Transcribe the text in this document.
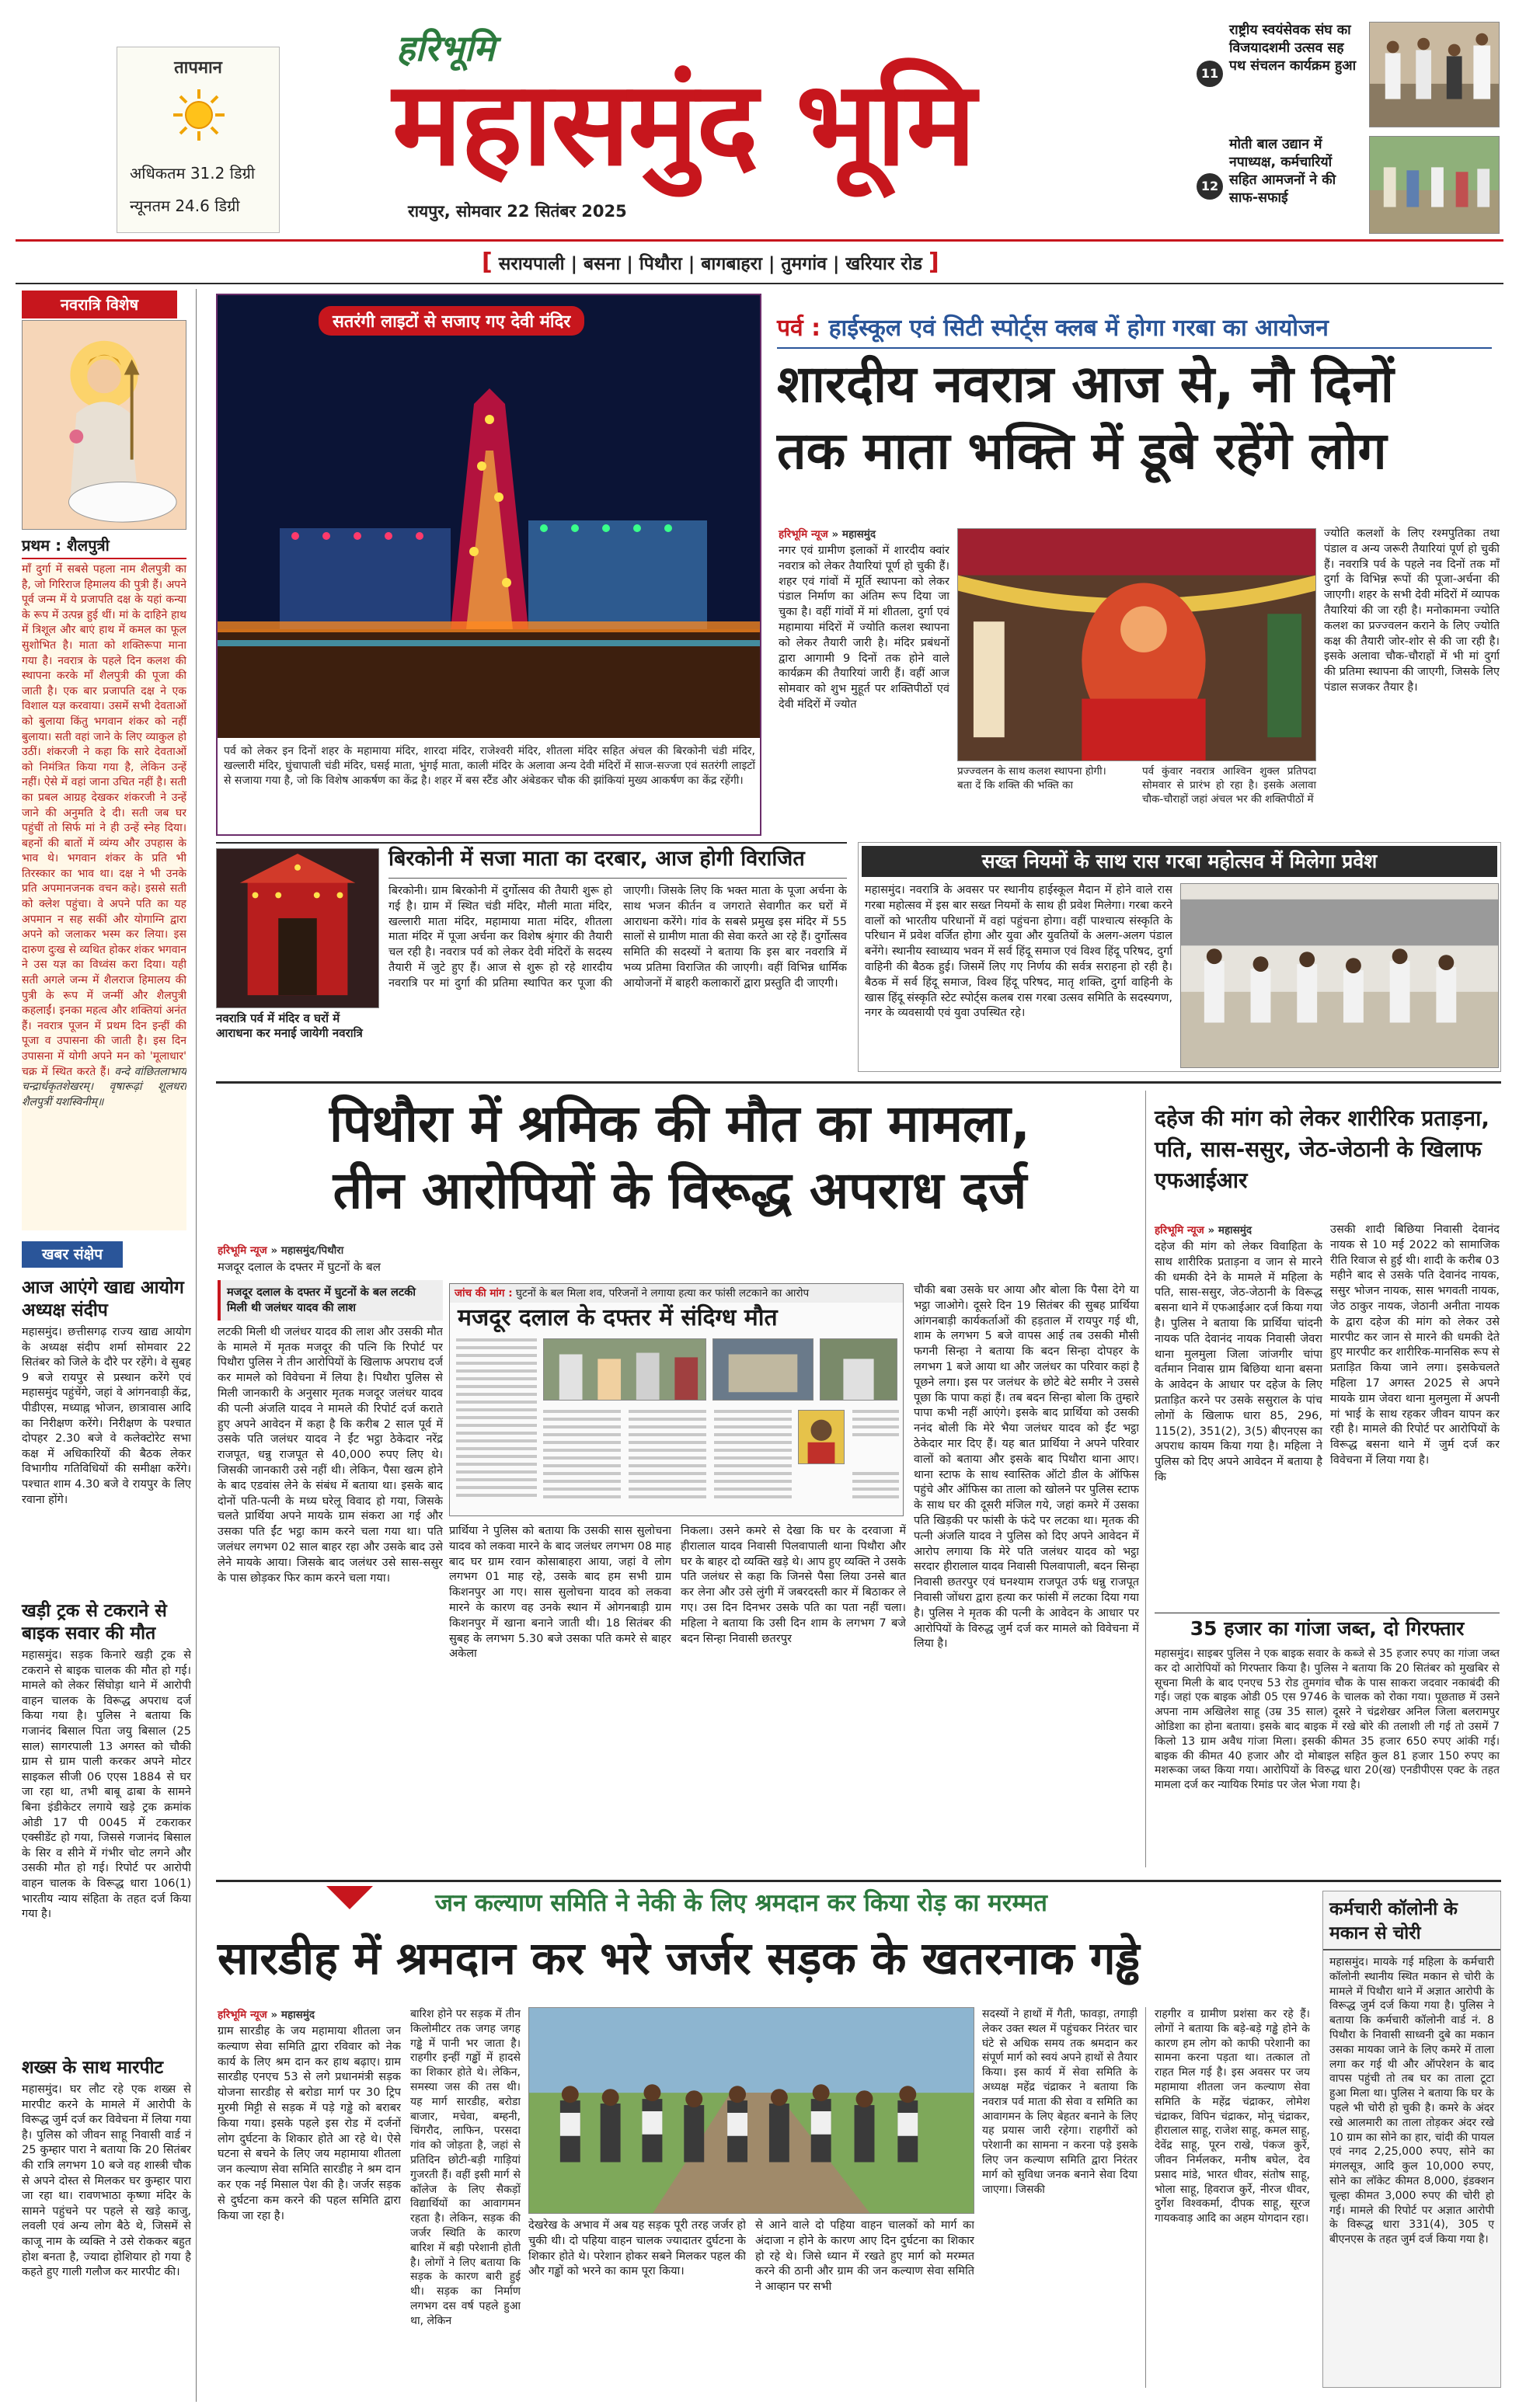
तापमान
अधिकतम 31.2 डिग्री
न्यूनतम 24.6 डिग्री
हरिभूमि
महासमुंद भूमि
रायपुर, सोमवार 22 सितंबर 2025
11
राष्ट्रीय स्वयंसेवक संघ का विजयादशमी उत्सव सह पथ संचलन कार्यक्रम हुआ
12
मोती बाल उद्यान में नपाध्यक्ष, कर्मचारियों सहित आमजनों ने की साफ-सफाई
[ सरायपाली | बसना | पिथौरा | बागबाहरा | तुमगांव | खरियार रोड ]
नवरात्रि विशेष
प्रथम : शैलपुत्री
माँ दुर्गा में सबसे पहला नाम शैलपुत्री का है, जो गिरिराज हिमालय की पुत्री हैं। अपने पूर्व जन्म में ये प्रजापति दक्ष के यहां कन्या के रूप में उत्पन्न हुई थीं। मां के दाहिने हाथ में त्रिशूल और बाएं हाथ में कमल का फूल सुशोभित है। माता को शक्तिरूपा माना गया है। नवरात्र के पहले दिन कलश की स्थापना करके माँ शैलपुत्री की पूजा की जाती है। एक बार प्रजापति दक्ष ने एक विशाल यज्ञ करवाया। उसमें सभी देवताओं को बुलाया किंतु भगवान शंकर को नहीं बुलाया। सती वहां जाने के लिए व्याकुल हो उठीं। शंकरजी ने कहा कि सारे देवताओं को निमंत्रित किया गया है, लेकिन उन्हें नहीं। ऐसे में वहां जाना उचित नहीं है। सती का प्रबल आग्रह देखकर शंकरजी ने उन्हें जाने की अनुमति दे दी। सती जब घर पहुंचीं तो सिर्फ मां ने ही उन्हें स्नेह दिया। बहनों की बातों में व्यंग्य और उपहास के भाव थे। भगवान शंकर के प्रति भी तिरस्कार का भाव था। दक्ष ने भी उनके प्रति अपमानजनक वचन कहे। इससे सती को क्लेश पहुंचा। वे अपने पति का यह अपमान न सह सकीं और योगाग्नि द्वारा अपने को जलाकर भस्म कर लिया। इस दारुण दुःख से व्यथित होकर शंकर भगवान ने उस यज्ञ का विध्वंस करा दिया। यही सती अगले जन्म में शैलराज हिमालय की पुत्री के रूप में जन्मीं और शैलपुत्री कहलाईं। इनका महत्व और शक्तियां अनंत हैं। नवरात्र पूजन में प्रथम दिन इन्हीं की पूजा व उपासना की जाती है। इस दिन उपासना में योगी अपने मन को 'मूलाधार' चक्र में स्थित करते हैं। वन्दे वांछितलाभाय चन्द्रार्धकृतशेखरम्। वृषारूढ़ां शूलधरां शैलपुत्रीं यशस्विनीम्॥
खबर संक्षेप
आज आएंगे खाद्य आयोग अध्यक्ष संदीप
महासमुंद। छत्तीसगढ़ राज्य खाद्य आयोग के अध्यक्ष संदीप शर्मा सोमवार 22 सितंबर को जिले के दौरे पर रहेंगे। वे सुबह 9 बजे रायपुर से प्रस्थान करेंगे एवं महासमुंद पहुंचेंगे, जहां वे आंगनवाड़ी केंद्र, पीडीएस, मध्याह्न भोजन, छात्रावास आदि का निरीक्षण करेंगे। निरीक्षण के पश्चात दोपहर 2.30 बजे वे कलेक्टोरेट सभा कक्ष में अधिकारियों की बैठक लेकर विभागीय गतिविधियों की समीक्षा करेंगे। पश्चात शाम 4.30 बजे वे रायपुर के लिए रवाना होंगे।
खड़ी ट्रक से टकराने से बाइक सवार की मौत
महासमुंद। सड़क किनारे खड़ी ट्रक से टकराने से बाइक चालक की मौत हो गई। मामले को लेकर सिंघोड़ा थाने में आरोपी वाहन चालक के विरूद्ध अपराध दर्ज किया गया है। पुलिस ने बताया कि गजानंद बिसाल पिता जयु बिसाल (25 साल) सागरपाली 13 अगस्त को चौकी ग्राम से ग्राम पाली करकर अपने मोटर साइकल सीजी 06 एएस 1884 से घर जा रहा था, तभी बाबू ढाबा के सामने बिना इंडीकेटर लगाये खड़े ट्रक क्रमांक ओडी 17 पी 0045 में टकराकर एक्सीडेंट हो गया, जिससे गजानंद बिसाल के सिर व सीने में गंभीर चोट लगने और उसकी मौत हो गई। रिपोर्ट पर आरोपी वाहन चालक के विरूद्ध धारा 106(1) भारतीय न्याय संहिता के तहत दर्ज किया गया है।
शख्स के साथ मारपीट
महासमुंद। घर लौट रहे एक शख्स से मारपीट करने के मामले में आरोपी के विरूद्ध जुर्म दर्ज कर विवेचना में लिया गया है। पुलिस को जीवन साहू निवासी वार्ड नं 25 कुम्हार पारा ने बताया कि 20 सितंबर की रात्रि लगभग 10 बजे वह शास्त्री चौक से अपने दोस्त से मिलकर घर कुम्हार पारा जा रहा था। रावणभाठा कृष्णा मंदिर के सामने पहुंचने पर पहले से खड़े काजु, लवली एवं अन्य लोग बैठे थे, जिसमें से काजू नाम के व्यक्ति ने उसे रोककर बहुत होश बनता है, ज्यादा होशियार हो गया है कहते हुए गाली गलौज कर मारपीट की।
सतरंगी लाइटों से सजाए गए देवी मंदिर
पर्व को लेकर इन दिनों शहर के महामाया मंदिर, शारदा मंदिर, राजेश्वरी मंदिर, शीतला मंदिर सहित अंचल की बिरकोनी चंडी मंदिर, खल्लारी मंदिर, घुंचापाली चंडी मंदिर, घसई माता, भुंगई माता, काली मंदिर के अलावा अन्य देवी मंदिरों में साज-सज्जा एवं सतरंगी लाइटों से सजाया गया है, जो कि विशेष आकर्षण का केंद्र है। शहर में बस स्टैंड और अंबेडकर चौक की झांकियां मुख्य आकर्षण का केंद्र रहेंगी।
पर्व : हाईस्कूल एवं सिटी स्पोर्ट्स क्लब में होगा गरबा का आयोजन
शारदीय नवरात्र आज से, नौ दिनों
तक माता भक्ति में डूबे रहेंगे लोग
हरिभूमि न्यूज » महासमुंद
नगर एवं ग्रामीण इलाकों में शारदीय क्वांर नवरात्र को लेकर तैयारियां पूर्ण हो चुकी हैं। शहर एवं गांवों में मूर्ति स्थापना को लेकर पंडाल निर्माण का अंतिम रूप दिया जा चुका है। वहीं गांवों में मां शीतला, दुर्गा एवं महामाया मंदिरों में ज्योति कलश स्थापना को लेकर तैयारी जारी है। मंदिर प्रबंधनों द्वारा आगामी 9 दिनों तक होने वाले कार्यक्रम की तैयारियां जारी हैं। वहीं आज सोमवार को शुभ मुहूर्त पर शक्तिपीठों एवं देवी मंदिरों में ज्योत
प्रज्ज्वलन के साथ कलश स्थापना होगी।
बता दें कि शक्ति की भक्ति का
पर्व कुंवार नवरात्र आश्विन शुक्ल प्रतिपदा सोमवार से प्रारंभ हो रहा है। इसके अलावा चौक-चौराहों जहां अंचल भर की शक्तिपीठों में
ज्योति कलशों के लिए रश्मपुतिका तथा पंडाल व अन्य जरूरी तैयारियां पूर्ण हो चुकी हैं। नवरात्रि पर्व के पहले नव दिनों तक माँ दुर्गा के विभिन्न रूपों की पूजा-अर्चना की जाएगी। शहर के सभी देवी मंदिरों में व्यापक तैयारियां की जा रही है। मनोकामना ज्योति कलश का प्रज्ज्वलन कराने के लिए ज्योति कक्ष की तैयारी जोर-शोर से की जा रही है। इसके अलावा चौक-चौराहों में भी मां दुर्गा की प्रतिमा स्थापना की जाएगी, जिसके लिए पंडाल सजकर तैयार है।
नवरात्रि पर्व में मंदिर व घरों में आराधना कर मनाई जायेगी नवरात्रि
बिरकोनी में सजा माता का दरबार, आज होगी विराजित
बिरकोनी। ग्राम बिरकोनी में दुर्गोत्सव की तैयारी शुरू हो गई है। ग्राम में स्थित चंडी मंदिर, मौली माता मंदिर, खल्लारी माता मंदिर, महामाया माता मंदिर, शीतला माता मंदिर में पूजा अर्चना कर विशेष श्रृंगार की तैयारी चल रही है। नवरात्र पर्व को लेकर देवी मंदिरों के सदस्य तैयारी में जुटे हुए हैं। आज से शुरू हो रहे शारदीय नवरात्रि पर मां दुर्गा की प्रतिमा स्थापित कर पूजा की जाएगी। जिसके लिए कि भक्त माता के पूजा अर्चना के साथ भजन कीर्तन व जगराते सेवागीत कर घरों में आराधना करेंगे। गांव के सबसे प्रमुख इस मंदिर में 55 सालों से ग्रामीण माता की सेवा करते आ रहे हैं। दुर्गोत्सव समिति की सदस्यों ने बताया कि इस बार नवरात्रि में भव्य प्रतिमा विराजित की जाएगी। वहीं विभिन्न धार्मिक आयोजनों में बाहरी कलाकारों द्वारा प्रस्तुति दी जाएगी।
सख्त नियमों के साथ रास गरबा महोत्सव में मिलेगा प्रवेश
महासमुंद। नवरात्रि के अवसर पर स्थानीय हाईस्कूल मैदान में होने वाले रास गरबा महोत्सव में इस बार सख्त नियमों के साथ ही प्रवेश मिलेगा। गरबा करने वालों को भारतीय परिधानों में वहां पहुंचना होगा। वहीं पाश्चात्य संस्कृति के परिधान में प्रवेश वर्जित होगा और युवा और युवतियों के अलग-अलग पंडाल बनेंगे। स्थानीय स्वाध्याय भवन में सर्व हिंदू समाज एवं विश्व हिंदू परिषद, दुर्गा वाहिनी की बैठक हुई। जिसमें लिए गए निर्णय की सर्वत्र सराहना हो रही है। बैठक में सर्व हिंदू समाज, विश्व हिंदू परिषद, मातृ शक्ति, दुर्गा वाहिनी के खास हिंदू संस्कृति स्टेट स्पोर्ट्स कलब रास गरबा उत्सव समिति के सदस्यगण, नगर के व्यवसायी एवं युवा उपस्थित रहे।
पिथौरा में श्रमिक की मौत का मामला,
तीन आरोपियों के विरूद्ध अपराध दर्ज
हरिभूमि न्यूज » महासमुंद/पिथौरा
मजदूर दलाल के दफ्तर में घुटनों के बल
मजदूर दलाल के दफ्तर में घुटनों के बल लटकी मिली थी जलंधर यादव की लाश
लटकी मिली थी जलंधर यादव की लाश और उसकी मौत के मामले में मृतक मजदूर की पत्नि कि रिपोर्ट पर पिथौरा पुलिस ने तीन आरोपियों के खिलाफ अपराध दर्ज कर मामले को विवेचना में लिया है। पिथौरा पुलिस से मिली जानकारी के अनुसार मृतक मजदूर जलंधर यादव की पत्नी अंजलि यादव ने मामले की रिपोर्ट दर्ज कराते हुए अपने आवेदन में कहा है कि करीब 2 साल पूर्व में उसके पति जलंधर यादव ने ईंट भट्ठा ठेकेदार नरेंद्र राजपूत, धन्नु राजपूत से 40,000 रुपए लिए थे। जिसकी जानकारी उसे नहीं थी। लेकिन, पैसा खत्म होने के बाद एडवांस लेने के संबंध में बताया था। इसके बाद दोनों पति-पत्नी के मध्य घरेलू विवाद हो गया, जिसके चलते प्रार्थिया अपने मायके ग्राम संकरा आ गई और उसका पति ईंट भट्ठा काम करने चला गया था। पति जलंधर लगभग 02 साल बाहर रहा और उसके बाद उसे लेने मायके आया। जिसके बाद जलंधर उसे सास-ससुर के पास छोड़कर फिर काम करने चला गया।
जांच की मांग : घुटनों के बल मिला शव, परिजनों ने लगाया हत्या कर फांसी लटकाने का आरोप
मजदूर दलाल के दफ्तर में संदिग्ध मौत
प्रार्थिया ने पुलिस को बताया कि उसकी सास सुलोचना यादव को लकवा मारने के बाद जलंधर लगभग 08 माह बाद घर ग्राम रवान कोसाबाहरा आया, जहां वे लोग लगभग 01 माह रहे, उसके बाद हम सभी ग्राम किशनपुर आ गए। सास सुलोचना यादव को लकवा मारने के कारण वह उनके स्थान में ओगनबाड़ी ग्राम किशनपुर में खाना बनाने जाती थी। 18 सितंबर की सुबह के लगभग 5.30 बजे उसका पति कमरे से बाहर अकेला
निकला। उसने कमरे से देखा कि घर के दरवाजा में हीरालाल यादव निवासी पिलवापाली थाना पिथौरा और घर के बाहर दो व्यक्ति खड़े थे। आप हुए व्यक्ति ने उसके पति जलंधर से कहा कि जिनसे पैसा लिया उनसे बात कर लेना और उसे लुंगी में जबरदस्ती कार में बिठाकर ले गए। उस दिन दिनभर उसके पति का पता नहीं चला। महिला ने बताया कि उसी दिन शाम के लगभग 7 बजे बदन सिन्हा निवासी छतरपुर
चौकी बबा उसके घर आया और बोला कि पैसा देगे या भट्ठा जाओगे। दूसरे दिन 19 सितंबर की सुबह प्रार्थिया आंगनबाड़ी कार्यकर्ताओं की हड़ताल में रायपुर गई थी, शाम के लगभग 5 बजे वापस आई तब उसकी मौसी फगनी सिन्हा ने बताया कि बदन सिन्हा दोपहर के लगभग 1 बजे आया था और जलंधर का परिवार कहां है पूछने लगा। इस पर जलंधर के छोटे बेटे समीर ने उससे पूछा कि पापा कहां हैं। तब बदन सिन्हा बोला कि तुम्हारे पापा कभी नहीं आएंगे। इसके बाद प्रार्थिया को उसकी ननंद बोली कि मेरे भैया जलंधर यादव को ईंट भट्ठा ठेकेदार मार दिए हैं। यह बात प्रार्थिया ने अपने परिवार वालों को बताया और इसके बाद पिथौरा थाना आए। थाना स्टाफ के साथ स्वास्तिक ऑटो डील के ऑफिस पहुंचे और ऑफिस का ताला को खोलने पर पुलिस स्टाफ के साथ घर की दूसरी मंजिल गये, जहां कमरे में उसका पति खिड़की पर फांसी के फंदे पर लटका था। मृतक की पत्नी अंजलि यादव ने पुलिस को दिए अपने आवेदन में आरोप लगाया कि मेरे पति जलंधर यादव को भट्ठा सरदार हीरालाल यादव निवासी पिलवापाली, बदन सिन्हा निवासी छतरपुर एवं घनश्याम राजपूत उर्फ धन्नु राजपूत निवासी जोंधरा द्वारा हत्या कर फांसी में लटका दिया गया है। पुलिस ने मृतक की पत्नी के आवेदन के आधार पर आरोपियों के विरुद्ध जुर्म दर्ज कर मामले को विवेचना में लिया है।
दहेज की मांग को लेकर शारीरिक प्रताड़ना, पति, सास-ससुर, जेठ-जेठानी के खिलाफ एफआईआर
हरिभूमि न्यूज » महासमुंद
दहेज की मांग को लेकर विवाहिता के साथ शारीरिक प्रताड़ना व जान से मारने की धमकी देने के मामले में महिला के पति, सास-ससुर, जेठ-जेठानी के विरूद्ध बसना थाने में एफआईआर दर्ज किया गया है। पुलिस ने बताया कि प्रार्थिया चांदनी नायक पति देवानंद नायक निवासी जेवरा थाना मुलमुला जिला जांजगीर चांपा वर्तमान निवास ग्राम बिछिया थाना बसना के आवेदन के आधार पर दहेज के लिए प्रताड़ित करने पर उसके ससुराल के पांच लोगों के खिलाफ धारा 85, 296, 115(2), 351(2), 3(5) बीएनएस का अपराध कायम किया गया है। महिला ने पुलिस को दिए अपने आवेदन में बताया है कि
उसकी शादी बिछिया निवासी देवानंद नायक से 10 मई 2022 को सामाजिक रीति रिवाज से हुई थी। शादी के करीब 03 महीने बाद से उसके पति देवानंद नायक, ससुर भोजन नायक, सास भगवती नायक, जेठ ठाकुर नायक, जेठानी अनीता नायक के द्वारा दहेज की मांग को लेकर उसे मारपीट कर जान से मारने की धमकी देते हुए मारपीट कर शारीरिक-मानसिक रूप से प्रताड़ित किया जाने लगा। इसकेचलते महिला 17 अगस्त 2025 से अपने मायके ग्राम जेवरा थाना मुलमुला में अपनी मां भाई के साथ रहकर जीवन यापन कर रही है। मामले की रिपोर्ट पर आरोपियों के विरूद्ध बसना थाने में जुर्म दर्ज कर विवेचना में लिया गया है।
35 हजार का गांजा जब्त, दो गिरफ्तार
महासमुंद। साइबर पुलिस ने एक बाइक सवार के कब्जे से 35 हजार रुपए का गांजा जब्त कर दो आरोपियों को गिरफ्तार किया है। पुलिस ने बताया कि 20 सितंबर को मुखबिर से सूचना मिली के बाद एनएच 53 रोड तुमगांव चौक के पास साकरा जदवार नकाबंदी की गई। जहां एक बाइक ओडी 05 एस 9746 के चालक को रोका गया। पूछताछ में उसने अपना नाम अखिलेश साहू (उम्र 35 साल) दूसरे ने चंद्रशेखर अनिल जिला बलरामपुर ओडिशा का होना बताया। इसके बाद बाइक में रखे बोरे की तलाशी ली गई तो उसमें 7 किलो 13 ग्राम अवैध गांजा मिला। इसकी कीमत 35 हजार 650 रुपए आंकी गई। बाइक की कीमत 40 हजार और दो मोबाइल सहित कुल 81 हजार 150 रुपए का मशरूका जब्त किया गया। आरोपियों के विरुद्ध धारा 20(ख) एनडीपीएस एक्ट के तहत मामला दर्ज कर न्यायिक रिमांड पर जेल भेजा गया है।
जन कल्याण समिति ने नेकी के लिए श्रमदान कर किया रोड़ का मरम्मत
सारडीह में श्रमदान कर भरे जर्जर सड़क के खतरनाक गड्ढे
हरिभूमि न्यूज » महासमुंद
ग्राम सारडीह के जय महामाया शीतला जन कल्याण सेवा समिति द्वारा रविवार को नेक कार्य के लिए श्रम दान कर हाथ बढ़ाए। ग्राम सारडीह एनएच 53 से लगे प्रधानमंत्री सड़क योजना सारडीह से बरोडा मार्ग पर 30 ट्रिप मुरमी मिट्टी से सड़क में पड़े गड्ढे को बराबर किया गया। इसके पहले इस रोड में दर्जनों लोग दुर्घटना के शिकार होते आ रहे थे। ऐसे घटना से बचने के लिए जय महामाया शीतला जन कल्याण सेवा समिति सारडीह ने श्रम दान कर एक नई मिसाल पेश की है। जर्जर सड़क से दुर्घटना कम करने की पहल समिति द्वारा किया जा रहा है।
बारिश होने पर सड़क में तीन किलोमीटर तक जगह जगह गड्ढे में पानी भर जाता है। राहगीर इन्हीं गड्ढों में हादसे का शिकार होते थे। लेकिन, समस्या जस की तस थी। यह मार्ग सारडीह, बरोडा बाजार, मचेवा, बम्हनी, चिंगरौद, लाफिन, परसदा गांव को जोड़ता है, जहां से प्रतिदिन छोटी-बड़ी गाड़ियां गुजरती हैं। वहीं इसी मार्ग से कॉलेज के लिए सैकड़ों विद्यार्थियों का आवागमन रहता है। लेकिन, सड़क की जर्जर स्थिति के कारण बारिश में बड़ी परेशानी होती है। लोगों ने लिए बताया कि सड़क के कारण बारी हुई थी। सड़क का निर्माण लगभग दस वर्ष पहले हुआ था, लेकिन
देखरेख के अभाव में अब यह सड़क पूरी तरह जर्जर हो चुकी थी। दो पहिया वाहन चालक ज्यादातर दुर्घटना के शिकार होते थे। परेशान होकर सबने मिलकर पहल की और गड्ढों को भरने का काम पूरा किया।
से आने वाले दो पहिया वाहन चालकों को मार्ग का अंदाजा न होने के कारण आए दिन दुर्घटना का शिकार हो रहे थे। जिसे ध्यान में रखते हुए मार्ग को मरम्मत करने की ठानी और ग्राम की जन कल्याण सेवा समिति ने आव्हान पर सभी
सदस्यों ने हाथों में गैती, फावड़ा, तगाड़ी लेकर उक्त स्थल में पहुंचकर निरंतर चार घंटे से अधिक समय तक श्रमदान कर संपूर्ण मार्ग को स्वयं अपने हाथों से तैयार किया। इस कार्य में सेवा समिति के अध्यक्ष महेंद्र चंद्राकर ने बताया कि नवरात्र पर्व माता की सेवा व समिति का आवागमन के लिए बेहतर बनाने के लिए यह प्रयास जारी रहेगा। राहगीरों को परेशानी का सामना न करना पड़े इसके लिए जन कल्याण समिति द्वारा निरंतर मार्ग को सुविधा जनक बनाने सेवा दिया जाएगा। जिसकी
राहगीर व ग्रामीण प्रशंसा कर रहे हैं। लोगों ने बताया कि बड़े-बड़े गड्ढे होने के कारण हम लोग को काफी परेशानी का सामना करना पड़ता था। तत्काल तो राहत मिल गई है। इस अवसर पर जय महामाया शीतला जन कल्याण सेवा समिति के महेंद्र चंद्राकर, लोमेश चंद्राकर, विपिन चंद्राकर, मोनू चंद्राकर, हीरालाल साहू, राजेश साहू, कमल साहू, देवेंद्र साहू, पूरन राखे, पंकज कुर्रे, जीवन निर्मलकर, मनीष बघेल, देव प्रसाद मांडे, भारत धीवर, संतोष साहू, भोला साहू, हिवराज कुर्रे, नीरज धीवर, दुर्गेश विश्वकर्मा, दीपक साहू, सूरज गायकवाड़ आदि का अहम योगदान रहा।
कर्मचारी कॉलोनी के मकान से चोरी
महासमुंद। मायके गई महिला के कर्मचारी कॉलोनी स्थानीय स्थित मकान से चोरी के मामले में पिथौरा थाने में अज्ञात आरोपी के विरूद्ध जुर्म दर्ज किया गया है। पुलिस ने बताया कि कर्मचारी कॉलोनी वार्ड नं. 8 पिथौरा के निवासी साध्वनी दुबे का मकान उसका मायका जाने के लिए कमरे में ताला लगा कर गई थी और ऑपरेशन के बाद वापस पहुंची तो तब घर का ताला टूटा हुआ मिला था। पुलिस ने बताया कि घर के पहले भी चोरी हो चुकी है। कमरे के अंदर रखे आलमारी का ताला तोड़कर अंदर रखे 10 ग्राम का सोने का हार, चांदी की पायल एवं नगद 2,25,000 रुपए, सोने का मंगलसूत्र, आदि कुल 10,000 रुपए, सोने का लॉकेट कीमत 8,000, इंडक्शन चूल्हा कीमत 3,000 रुपए की चोरी हो गई। मामले की रिपोर्ट पर अज्ञात आरोपी के विरूद्ध धारा 331(4), 305 ए बीएनएस के तहत जुर्म दर्ज किया गया है।
